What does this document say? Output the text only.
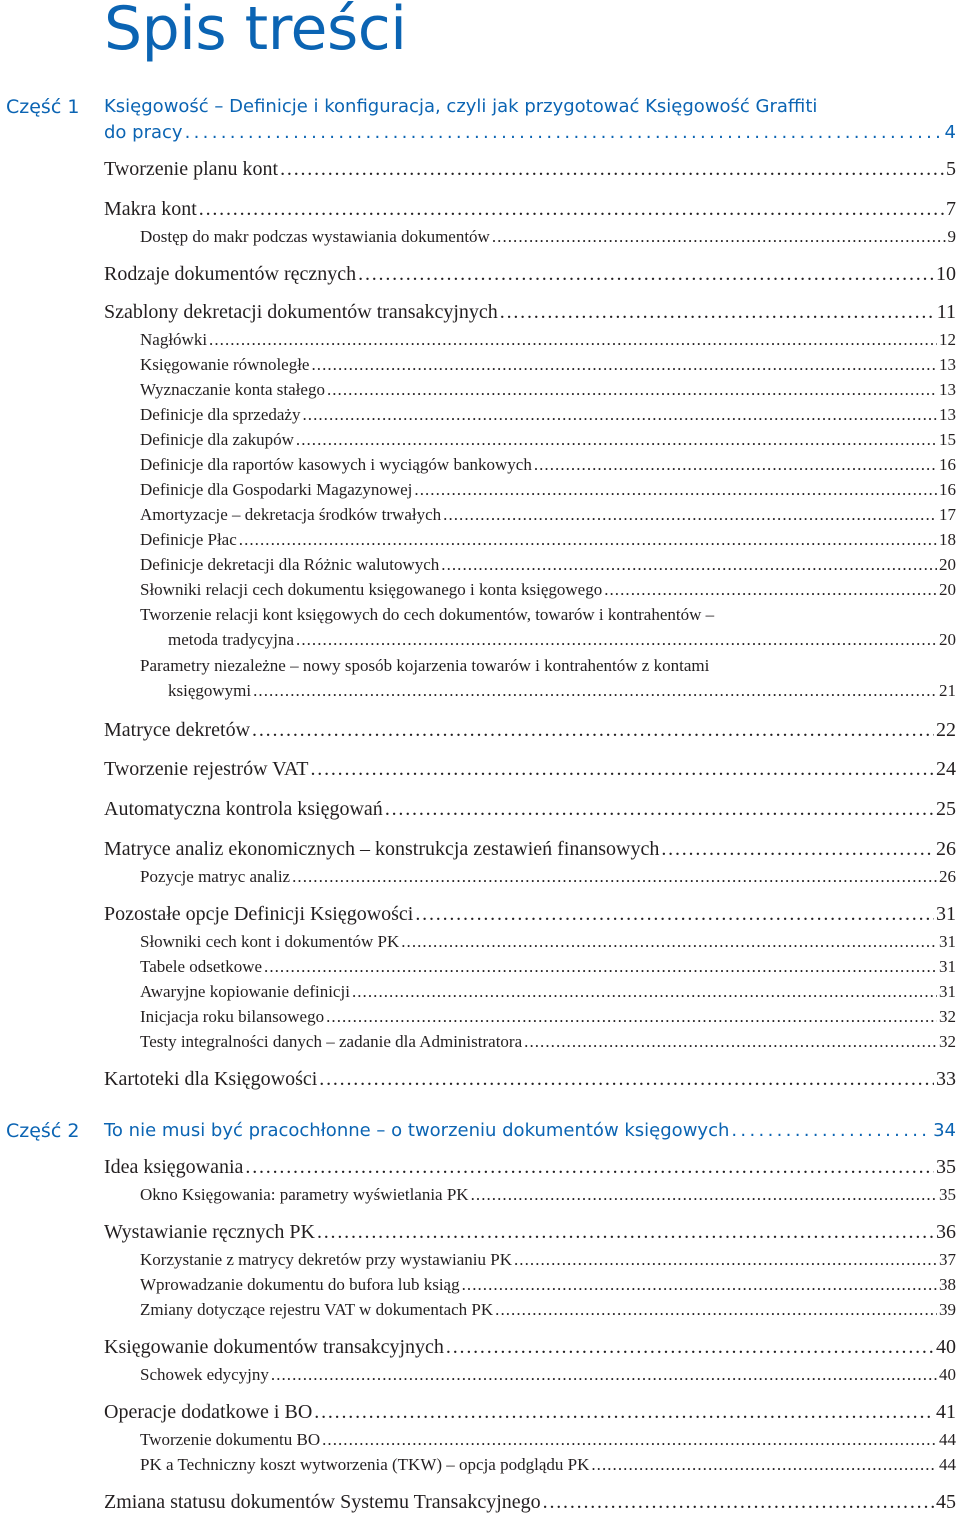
Spis treści
Część 1 Księgowość – Definicje i konfiguracja, czyli jak przygotować Księgowość Graffiti
do pracy . . .	4
Tworzenie planu kont . . .	5
Makra kont . . .	7
Dostęp do makr podczas wystawiania dokumentów . . .	9
Rodzaje dokumentów ręcznych . . .	10
Szablony dekretacji dokumentów transakcyjnych . . .	11
Nagłówki . . .	12
Księgowanie równoległe . . .	13
Wyznaczanie konta stałego . . .	13
Definicje dla sprzedaży . . .	13
Definicje dla zakupów . . .	15
Definicje dla raportów kasowych i wyciągów bankowych . . .	16
Definicje dla Gospodarki Magazynowej . . .	16
Amortyzacje – dekretacja środków trwałych . . .	17
Definicje Płac . . .	18
Definicje dekretacji dla Różnic walutowych . . .	20
Słowniki relacji cech dokumentu księgowanego i konta księgowego . . .	20
Tworzenie relacji kont księgowych do cech dokumentów, towarów i kontrahentów –
metoda tradycyjna . . .	20
Parametry niezależne – nowy sposób kojarzenia towarów i kontrahentów z kontami
księgowymi . . .	21
Matryce dekretów . . .	22
Tworzenie rejestrów VAT . . .	24
Automatyczna kontrola księgowań . . .	25
Matryce analiz ekonomicznych – konstrukcja zestawień finansowych . . .	26
Pozycje matryc analiz . . .	26
Pozostałe opcje Definicji Księgowości . . .	31
Słowniki cech kont i dokumentów PK . . .	31
Tabele odsetkowe . . .	31
Awaryjne kopiowanie definicji . . .	31
Inicjacja roku bilansowego . . .	32
Testy integralności danych – zadanie dla Administratora . . .	32
Kartoteki dla Księgowości . . .	33
Idea księgowania . . .	35
Okno Księgowania: parametry wyświetlania PK . . .	35
Wystawianie ręcznych PK . . .	36
Korzystanie z matrycy dekretów przy wystawianiu PK . . .	37
Wprowadzanie dokumentu do bufora lub ksiąg . . .	38
Zmiany dotyczące rejestru VAT w dokumentach PK . . .	39
Księgowanie dokumentów transakcyjnych . . .	40
Schowek edycyjny . . .	40
Operacje dodatkowe i BO . . .	41
Tworzenie dokumentu BO . . .	44
PK a Techniczny koszt wytworzenia (TKW) – opcja podglądu PK . . .	44
Zmiana statusu dokumentów Systemu Transakcyjnego . . .	45
Część 2 To nie musi być pracochłonne – o tworzeniu dokumentów księgowych . . .	34
